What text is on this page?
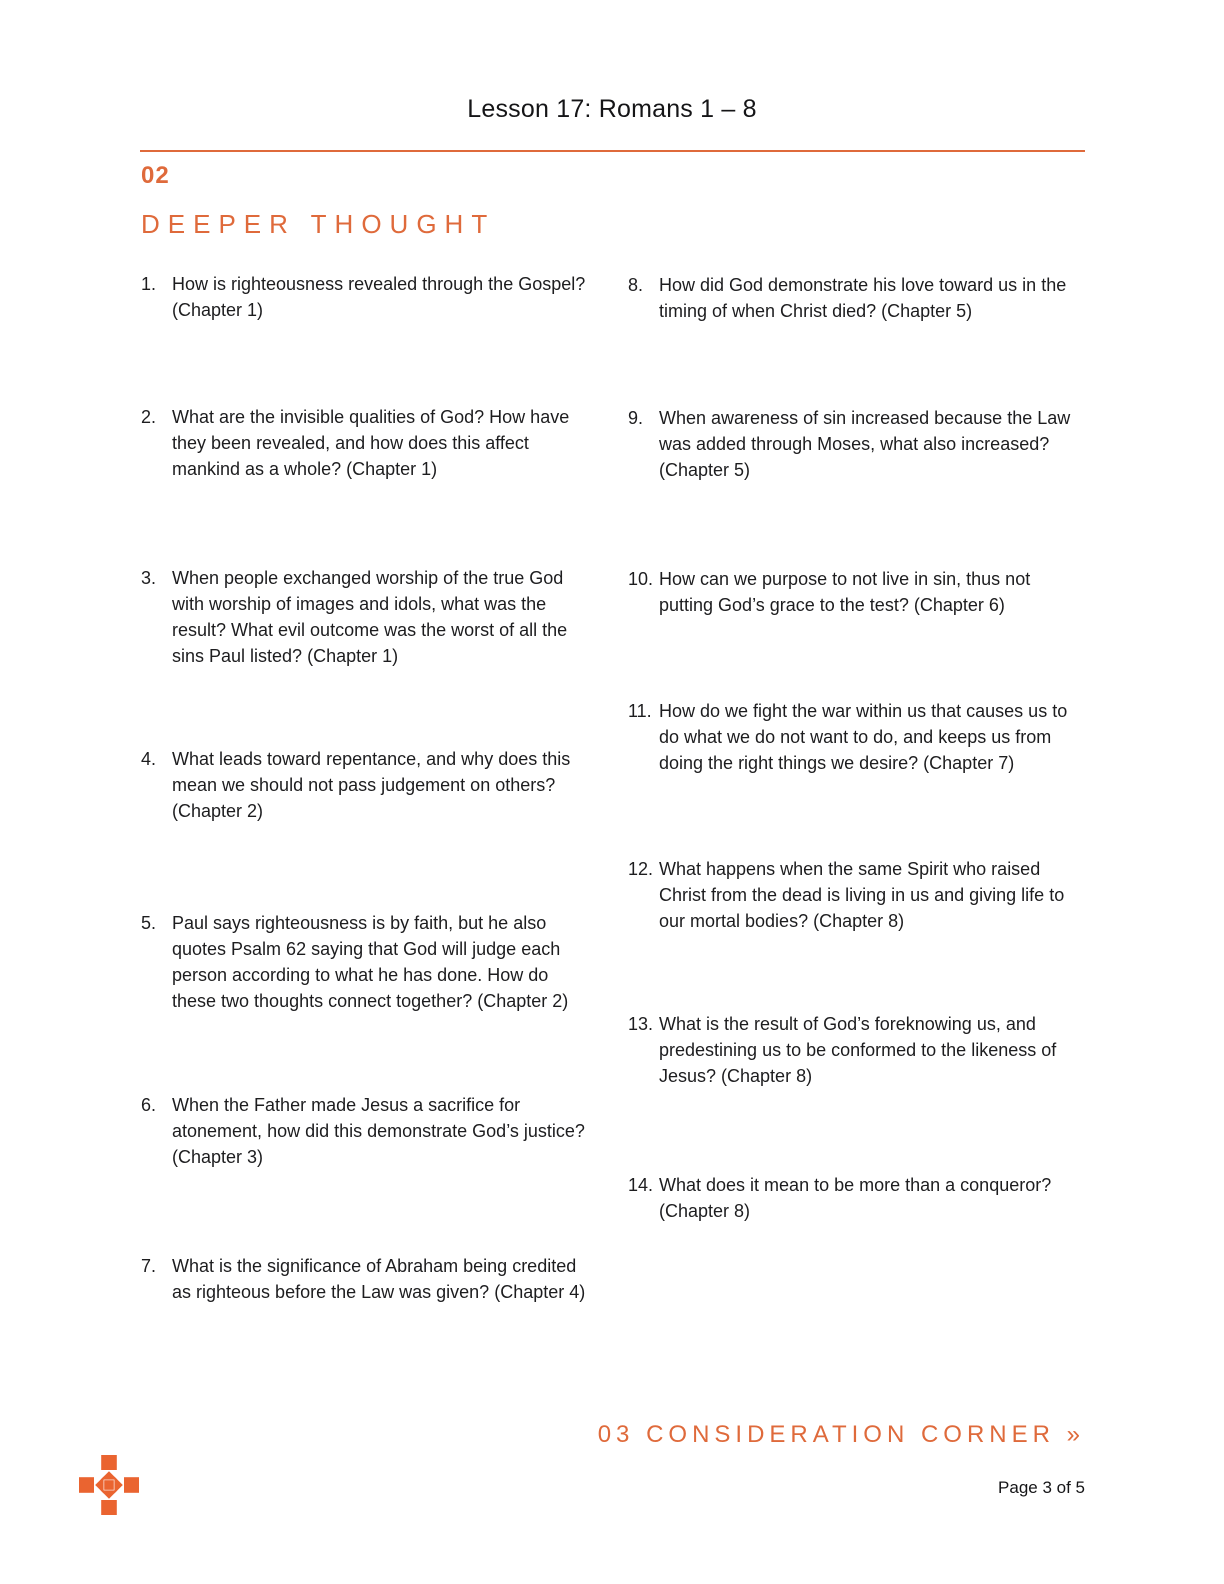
Lesson 17: Romans 1 – 8
02
DEEPER THOUGHT
1. How is righteousness revealed through the Gospel? (Chapter 1)
2. What are the invisible qualities of God? How have they been revealed, and how does this affect mankind as a whole? (Chapter 1)
3. When people exchanged worship of the true God with worship of images and idols, what was the result? What evil outcome was the worst of all the sins Paul listed? (Chapter 1)
4. What leads toward repentance, and why does this mean we should not pass judgement on others? (Chapter 2)
5. Paul says righteousness is by faith, but he also quotes Psalm 62 saying that God will judge each person according to what he has done. How do these two thoughts connect together? (Chapter 2)
6. When the Father made Jesus a sacrifice for atonement, how did this demonstrate God’s justice? (Chapter 3)
7. What is the significance of Abraham being credited as righteous before the Law was given? (Chapter 4)
8. How did God demonstrate his love toward us in the timing of when Christ died? (Chapter 5)
9. When awareness of sin increased because the Law was added through Moses, what also increased? (Chapter 5)
10. How can we purpose to not live in sin, thus not putting God’s grace to the test? (Chapter 6)
11. How do we fight the war within us that causes us to do what we do not want to do, and keeps us from doing the right things we desire? (Chapter 7)
12. What happens when the same Spirit who raised Christ from the dead is living in us and giving life to our mortal bodies? (Chapter 8)
13. What is the result of God’s foreknowing us, and predestining us to be conformed to the likeness of Jesus? (Chapter 8)
14. What does it mean to be more than a conqueror? (Chapter 8)
03 CONSIDERATION CORNER »
Page 3 of 5
